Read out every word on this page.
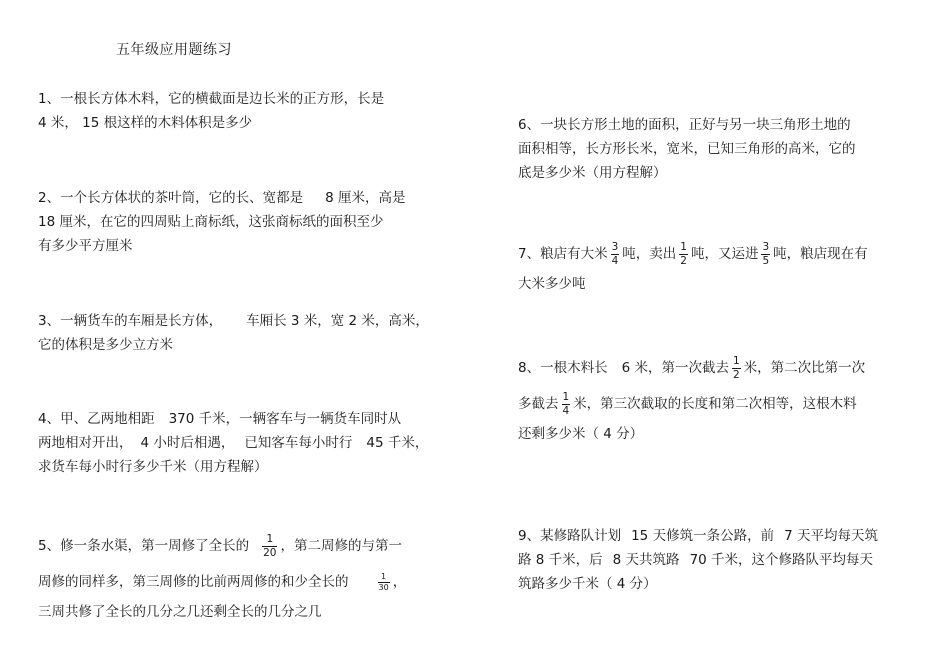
五年级应用题练习
1、一根长方体木料，它的横截面是边长米的正方形，长是
4 米， 15 根这样的木料体积是多少
2、一个长方体状的茶叶筒，它的长、宽都是 8 厘米，高是
18 厘米，在它的四周贴上商标纸，这张商标纸的面积至少
有多少平方厘米
3、一辆货车的车厢是长方体， 车厢长 3 米，宽 2 米，高米，
它的体积是多少立方米
4、甲、乙两地相距 370 千米，一辆客车与一辆货车同时从
两地相对开出， 4 小时后相遇， 已知客车每小时行 45 千米，
求货车每小时行多少千米（用方程解）
5、修一条水渠，第一周修了全长的 $\frac{1}{20}$ ，第二周修的与第一
周修的同样多，第三周修的比前两周修的和少全长的	$\frac{1}{30}$ ，
三周共修了全长的几分之几还剩全长的几分之几
6、一块长方形土地的面积，正好与另一块三角形土地的
面积相等，长方形长米，宽米，已知三角形的高米，它的
底是多少米（用方程解）
7、粮店有大米 $\frac{3}{4}$ 吨，卖出 $\frac{1}{2}$ 吨，又运进 $\frac{3}{5}$ 吨，粮店现在有
大米多少吨
8、一根木料长 6 米，第一次截去 $\frac{1}{2}$ 米，第二次比第一次
多截去 $\frac{1}{4}$ 米，第三次截取的长度和第二次相等，这根木料
还剩多少米（ 4 分）
9、某修路队计划 15 天修筑一条公路，前 7 天平均每天筑
路 8 千米，后 8 天共筑路 70 千米，这个修路队平均每天
筑路多少千米（ 4 分）
